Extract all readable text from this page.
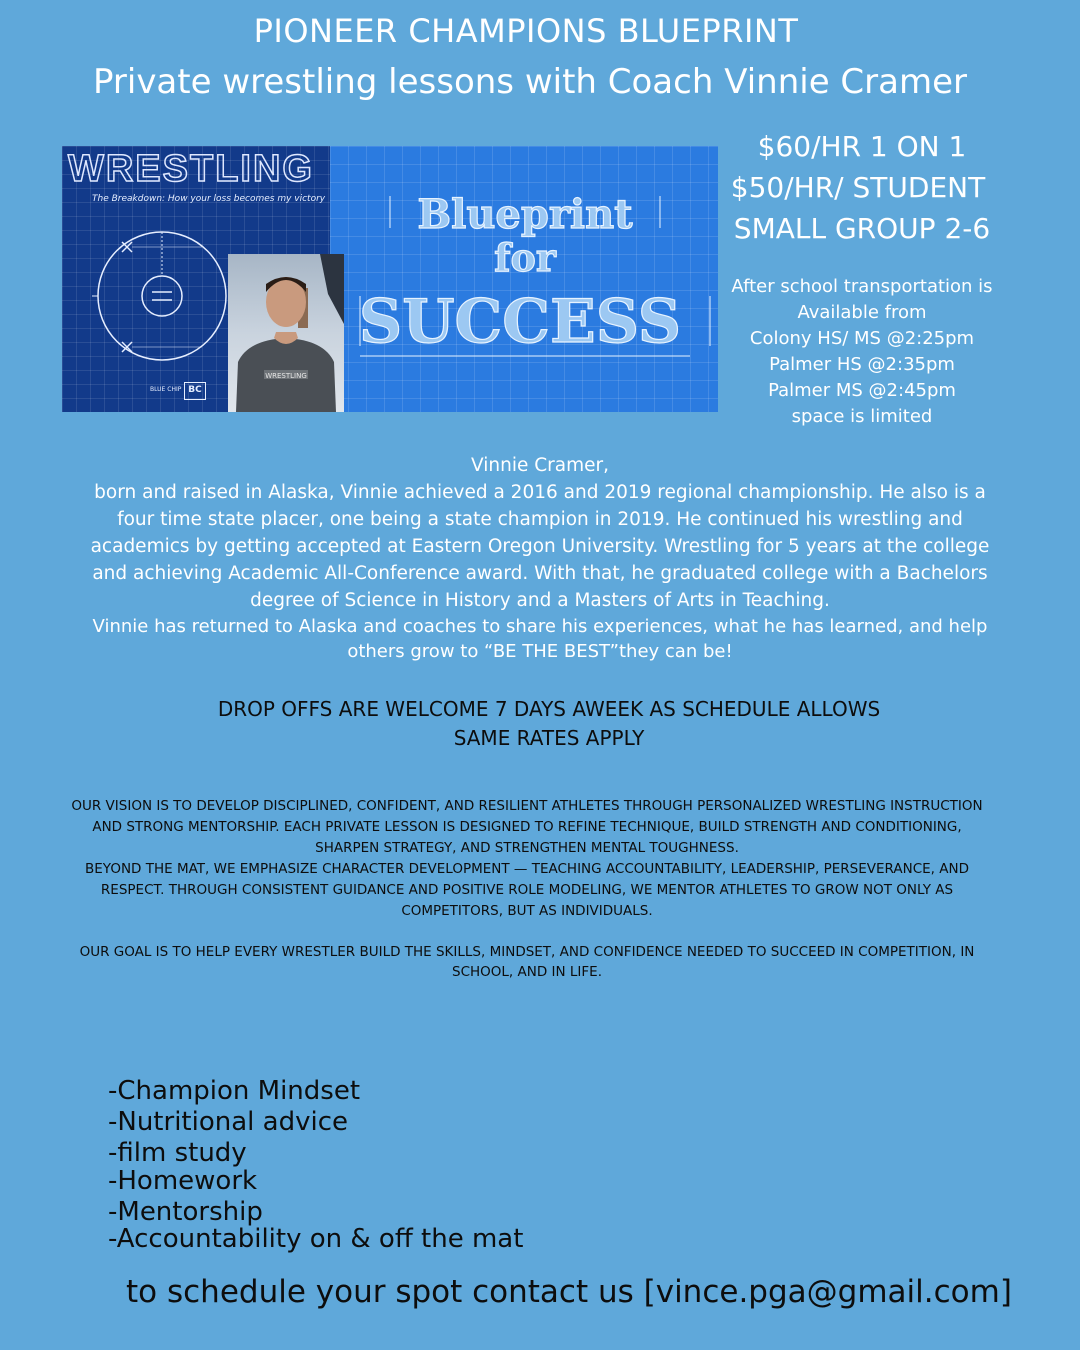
PIONEER CHAMPIONS BLUEPRINT
Private wrestling lessons with Coach Vinnie Cramer
WRESTLING
The Breakdown: How your loss becomes my victory
BLUE CHIP BC
Blueprint
for
SUCCESS
WRESTLING
$60/HR 1 ON 1
$50/HR/ STUDENT
SMALL GROUP 2-6
After school transportation is
Available from
Colony HS/ MS @2:25pm
Palmer HS @2:35pm
Palmer MS @2:45pm
space is limited
Vinnie Cramer,
born and raised in Alaska, Vinnie achieved a 2016 and 2019 regional championship. He also is a four time state placer, one being a state champion in 2019. He continued his wrestling and academics by getting accepted at Eastern Oregon University. Wrestling for 5 years at the college and achieving Academic All-Conference award. With that, he graduated college with a Bachelors degree of Science in History and a Masters of Arts in Teaching.
Vinnie has returned to Alaska and coaches to share his experiences, what he has learned, and help others grow to “BE THE BEST”they can be!
DROP OFFS ARE WELCOME 7 DAYS AWEEK AS SCHEDULE ALLOWS
SAME RATES APPLY
OUR VISION IS TO DEVELOP DISCIPLINED, CONFIDENT, AND RESILIENT ATHLETES THROUGH PERSONALIZED WRESTLING INSTRUCTION AND STRONG MENTORSHIP. EACH PRIVATE LESSON IS DESIGNED TO REFINE TECHNIQUE, BUILD STRENGTH AND CONDITIONING, SHARPEN STRATEGY, AND STRENGTHEN MENTAL TOUGHNESS.
BEYOND THE MAT, WE EMPHASIZE CHARACTER DEVELOPMENT — TEACHING ACCOUNTABILITY, LEADERSHIP, PERSEVERANCE, AND RESPECT. THROUGH CONSISTENT GUIDANCE AND POSITIVE ROLE MODELING, WE MENTOR ATHLETES TO GROW NOT ONLY AS COMPETITORS, BUT AS INDIVIDUALS.
OUR GOAL IS TO HELP EVERY WRESTLER BUILD THE SKILLS, MINDSET, AND CONFIDENCE NEEDED TO SUCCEED IN COMPETITION, IN SCHOOL, AND IN LIFE.
-Champion Mindset
-Nutritional advice
-film study
-Homework
-Mentorship
-Accountability on & off the mat
to schedule your spot contact us [vince.pga@gmail.com]
